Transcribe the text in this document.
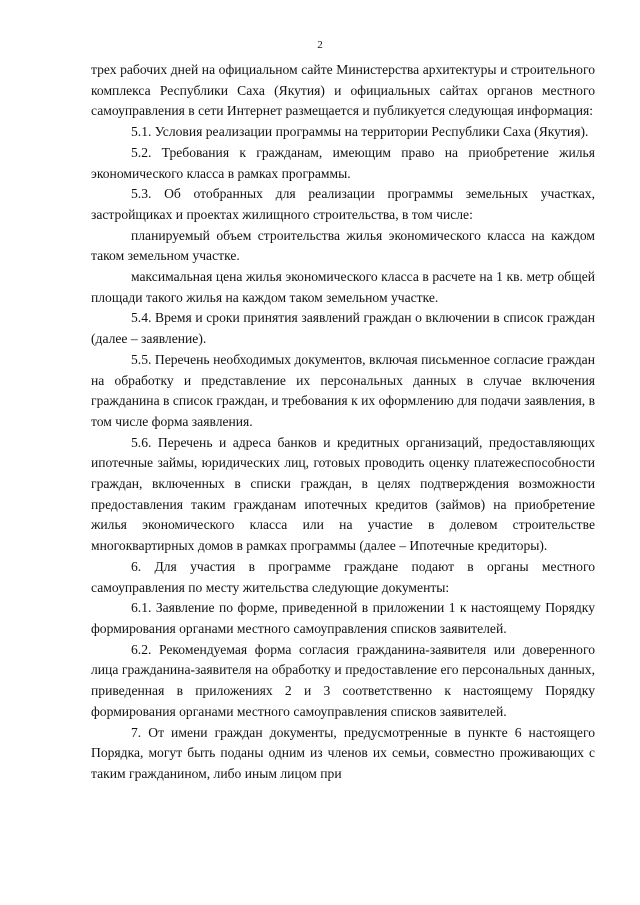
2

трех рабочих дней на официальном сайте Министерства архитектуры и строительного комплекса Республики Саха (Якутия) и официальных сайтах органов местного самоуправления в сети Интернет размещается и публикуется следующая информация:

5.1. Условия реализации программы на территории Республики Саха (Якутия).

5.2. Требования к гражданам, имеющим право на приобретение жилья экономического класса в рамках программы.

5.3. Об отобранных для реализации программы земельных участках, застройщиках и проектах жилищного строительства, в том числе:

планируемый объем строительства жилья экономического класса на каждом таком земельном участке.

максимальная цена жилья экономического класса в расчете на 1 кв. метр общей площади такого жилья на каждом таком земельном участке.

5.4. Время и сроки принятия заявлений граждан о включении в список граждан (далее – заявление).

5.5. Перечень необходимых документов, включая письменное согласие граждан на обработку и представление их персональных данных в случае включения гражданина в список граждан, и требования к их оформлению для подачи заявления, в том числе форма заявления.

5.6. Перечень и адреса банков и кредитных организаций, предоставляющих ипотечные займы, юридических лиц, готовых проводить оценку платежеспособности граждан, включенных в списки граждан, в целях подтверждения возможности предоставления таким гражданам ипотечных кредитов (займов) на приобретение жилья экономического класса или на участие в долевом строительстве многоквартирных домов в рамках программы (далее – Ипотечные кредиторы).

6. Для участия в программе граждане подают в органы местного самоуправления по месту жительства следующие документы:

6.1. Заявление по форме, приведенной в приложении 1 к настоящему Порядку формирования органами местного самоуправления списков заявителей.

6.2. Рекомендуемая форма согласия гражданина-заявителя или доверенного лица гражданина-заявителя на обработку и предоставление его персональных данных, приведенная в приложениях 2 и 3 соответственно к настоящему Порядку формирования органами местного самоуправления списков заявителей.

7. От имени граждан документы, предусмотренные в пункте 6 настоящего Порядка, могут быть поданы одним из членов их семьи, совместно проживающих с таким гражданином, либо иным лицом при
